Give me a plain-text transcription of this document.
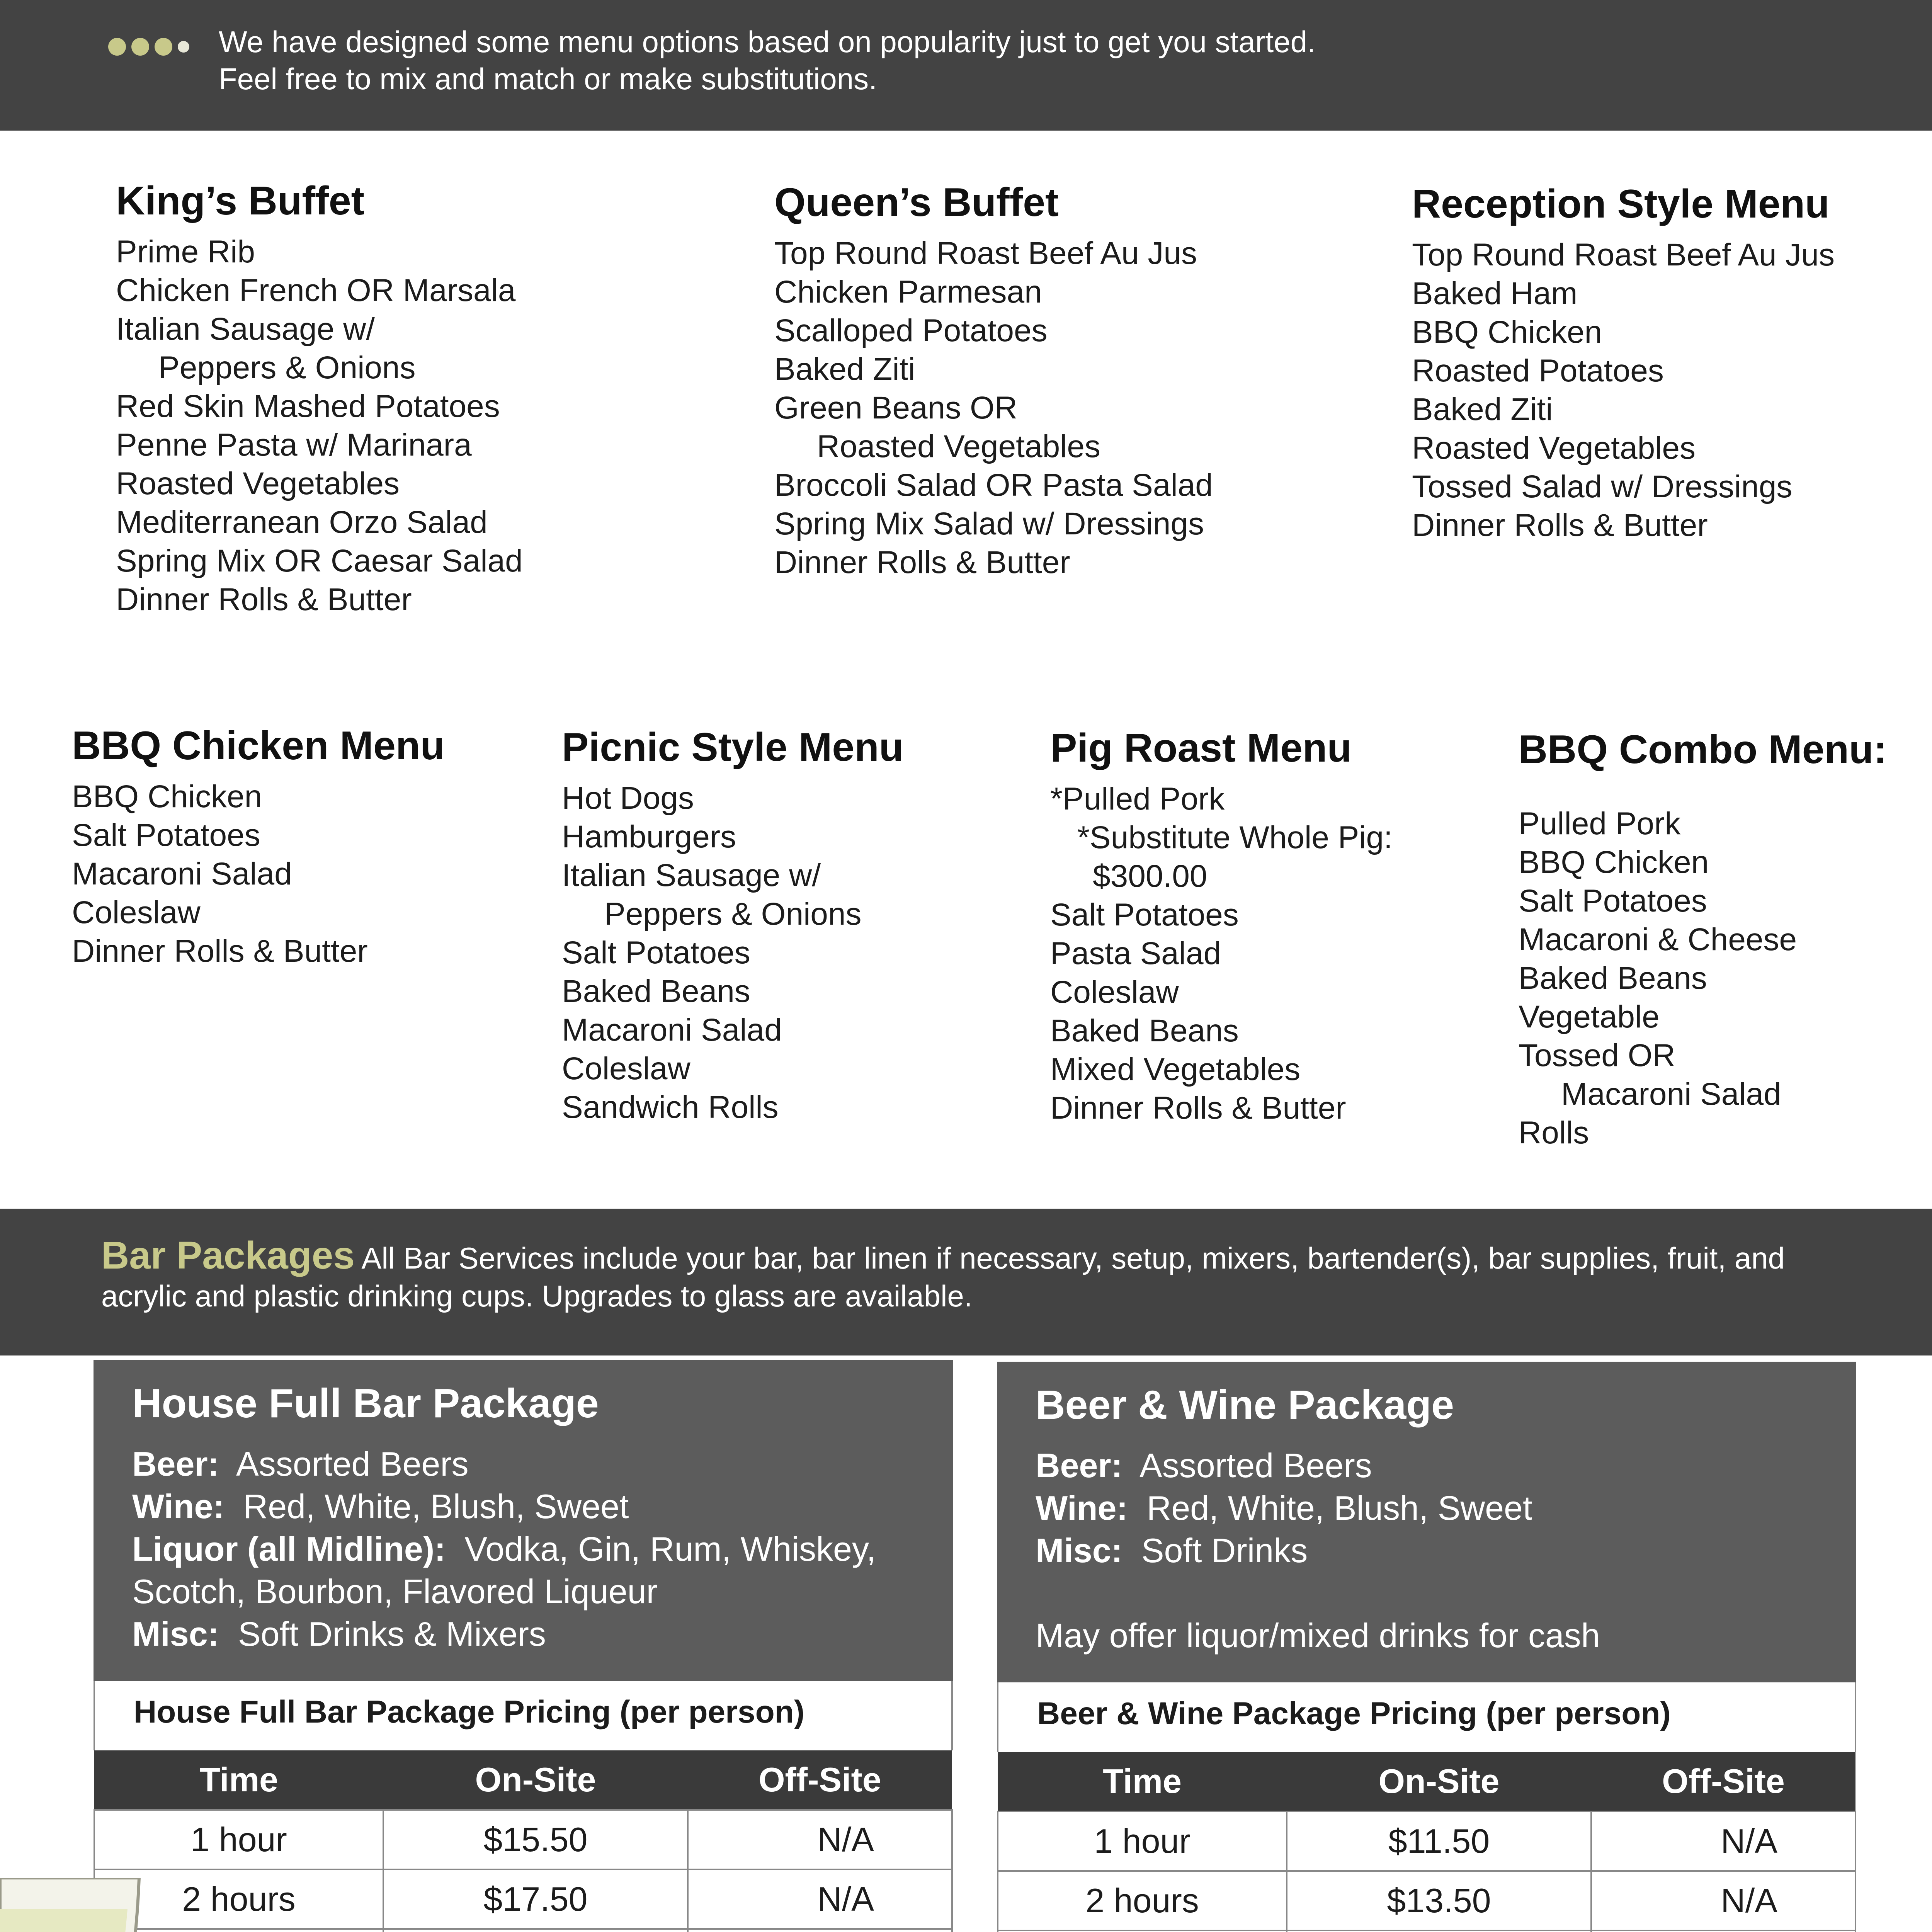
We have designed some menu options based on popularity just to get you started.
Feel free to mix and match or make substitutions.
King’s Buffet
Prime Rib
Chicken French OR Marsala
Italian Sausage w/
Peppers & Onions
Red Skin Mashed Potatoes
Penne Pasta w/ Marinara
Roasted Vegetables
Mediterranean Orzo Salad
Spring Mix OR Caesar Salad
Dinner Rolls & Butter
Queen’s Buffet
Top Round Roast Beef Au Jus
Chicken Parmesan
Scalloped Potatoes
Baked Ziti
Green Beans OR
Roasted Vegetables
Broccoli Salad OR Pasta Salad
Spring Mix Salad w/ Dressings
Dinner Rolls & Butter
Reception Style Menu
Top Round Roast Beef Au Jus
Baked Ham
BBQ Chicken
Roasted Potatoes
Baked Ziti
Roasted Vegetables
Tossed Salad w/ Dressings
Dinner Rolls & Butter
BBQ Chicken Menu
BBQ Chicken
Salt Potatoes
Macaroni Salad
Coleslaw
Dinner Rolls & Butter
Picnic Style Menu
Hot Dogs
Hamburgers
Italian Sausage w/
Peppers & Onions
Salt Potatoes
Baked Beans
Macaroni Salad
Coleslaw
Sandwich Rolls
Pig Roast Menu
*Pulled Pork
*Substitute Whole Pig:
$300.00
Salt Potatoes
Pasta Salad
Coleslaw
Baked Beans
Mixed Vegetables
Dinner Rolls & Butter
BBQ Combo Menu:
Pulled Pork
BBQ Chicken
Salt Potatoes
Macaroni & Cheese
Baked Beans
Vegetable
Tossed OR
Macaroni Salad
Rolls
Bar Packages All Bar Services include your bar, bar linen if necessary, setup, mixers, bartender(s), bar supplies, fruit, and acrylic and plastic drinking cups. Upgrades to glass are available.
House Full Bar Package
Beer: Assorted Beers
Wine: Red, White, Blush, Sweet
Liquor (all Midline): Vodka, Gin, Rum, Whiskey,
Scotch, Bourbon, Flavored Liqueur
Misc: Soft Drinks & Mixers
House Full Bar Package Pricing (per person)
Time	On-Site	Off-Site
1 hour	$15.50	N/A
2 hours	$17.50	N/A

Beer & Wine Package
Beer: Assorted Beers
Wine: Red, White, Blush, Sweet
Misc: Soft Drinks
May offer liquor/mixed drinks for cash
Beer & Wine Package Pricing (per person)
Time	On-Site	Off-Site
1 hour	$11.50	N/A
2 hours	$13.50	N/A
